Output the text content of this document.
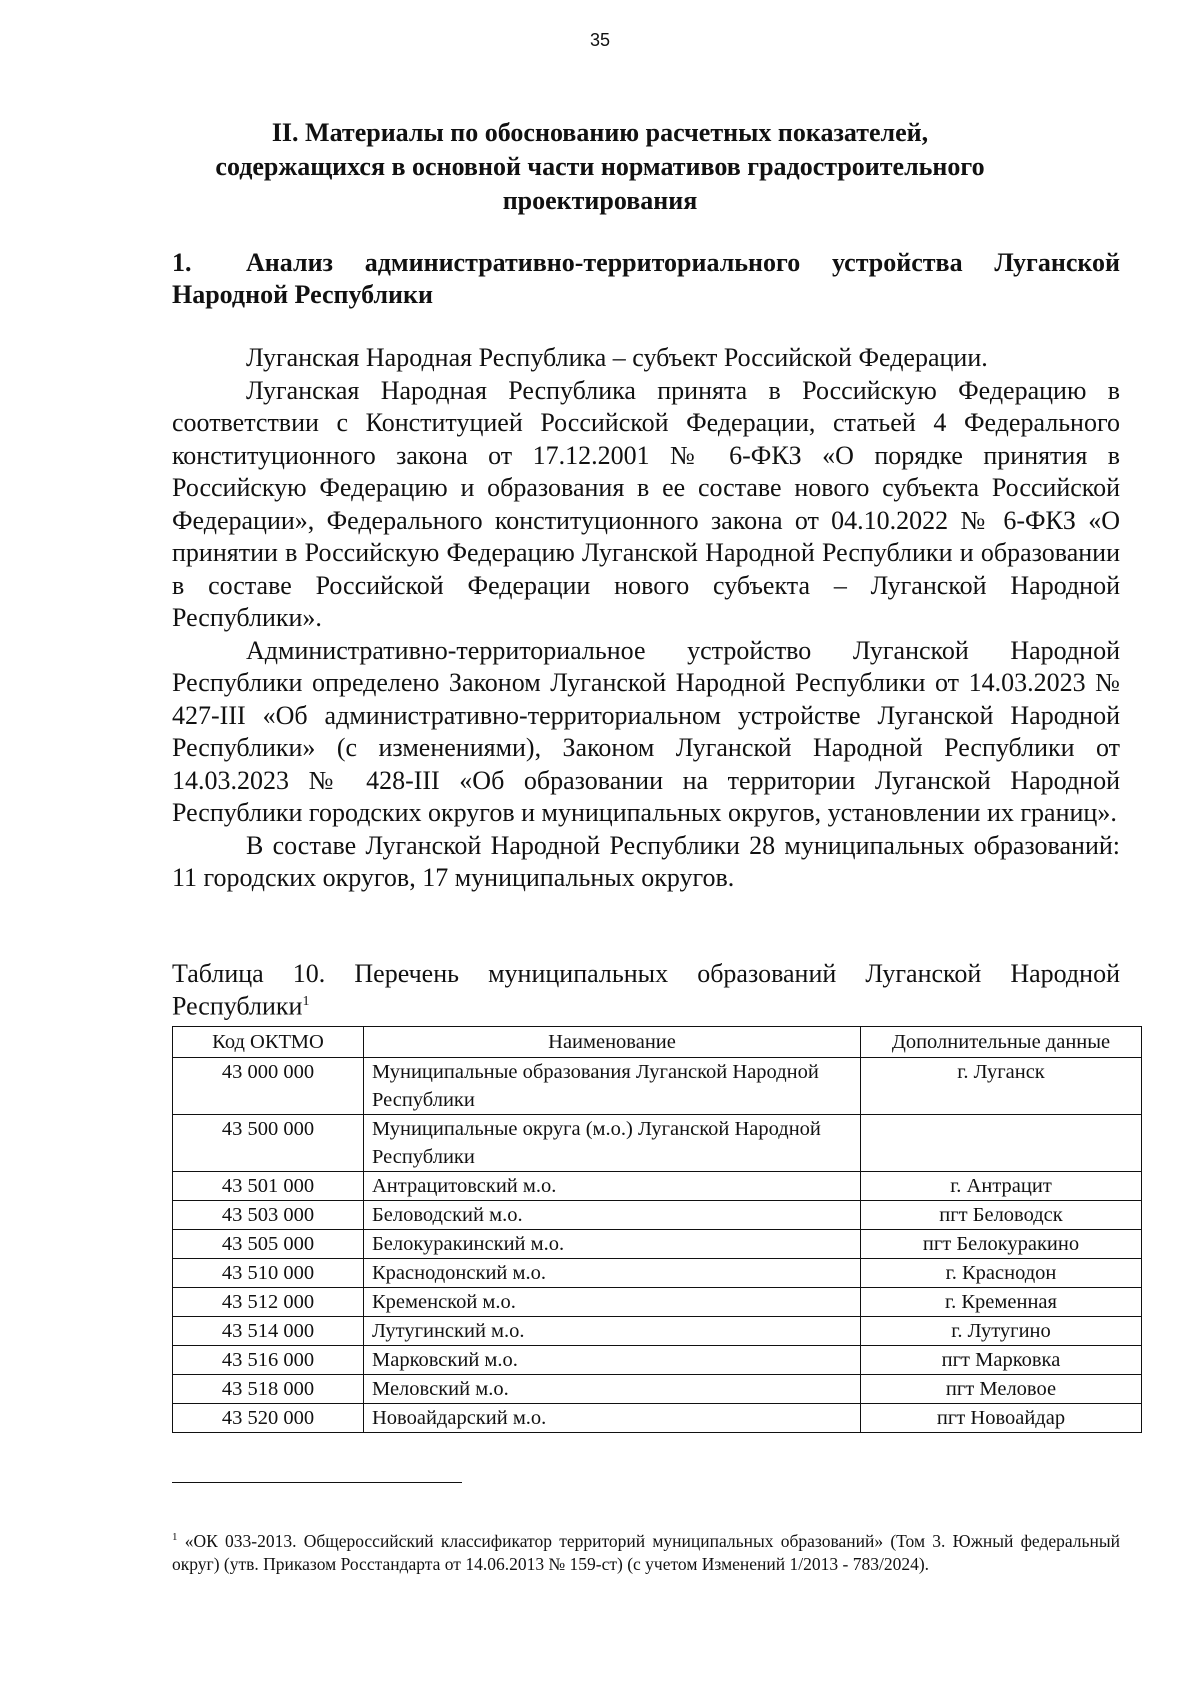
35
II. Материалы по обоснованию расчетных показателей, содержащихся в основной части нормативов градостроительного проектирования
1. Анализ административно-территориального устройства Луганской Народной Республики

Луганская Народная Республика – субъект Российской Федерации.

Луганская Народная Республика принята в Российскую Федерацию в соответствии с Конституцией Российской Федерации, статьей 4 Федерального конституционного закона от 17.12.2001 № 6-ФКЗ «О порядке принятия в Российскую Федерацию и образования в ее составе нового субъекта Российской Федерации», Федерального конституционного закона от 04.10.2022 № 6-ФКЗ «О принятии в Российскую Федерацию Луганской Народной Республики и образовании в составе Российской Федерации нового субъекта – Луганской Народной Республики».

Административно-территориальное устройство Луганской Народной Республики определено Законом Луганской Народной Республики от 14.03.2023 № 427-III «Об административно-территориальном устройстве Луганской Народной Республики» (с изменениями), Законом Луганской Народной Республики от 14.03.2023 № 428-III «Об образовании на территории Луганской Народной Республики городских округов и муниципальных округов, установлении их границ».

В составе Луганской Народной Республики 28 муниципальных образований: 11 городских округов, 17 муниципальных округов.

Таблица 10. Перечень муниципальных образований Луганской Народной Республики$^1$
Код ОКТМО	Наименование	Дополнительные данные
43 000 000	Муниципальные образования Луганской Народной Республики	г. Луганск
43 500 000	Муниципальные округа (м.о.) Луганской Народной Республики	
43 501 000	Антрацитовский м.о.	г. Антрацит
43 503 000	Беловодский м.о.	пгт Беловодск
43 505 000	Белокуракинский м.о.	пгт Белокуракино
43 510 000	Краснодонский м.о.	г. Краснодон
43 512 000	Кременской м.о.	г. Кременная
43 514 000	Лутугинский м.о.	г. Лутугино
43 516 000	Марковский м.о.	пгт Марковка
43 518 000	Меловский м.о.	пгт Меловое
43 520 000	Новоайдарский м.о.	пгт Новоайдар
$^1$ «ОК 033-2013. Общероссийский классификатор территорий муниципальных образований» (Том 3. Южный федеральный округ) (утв. Приказом Росстандарта от 14.06.2013 № 159-ст) (с учетом Изменений 1/2013 - 783/2024).
